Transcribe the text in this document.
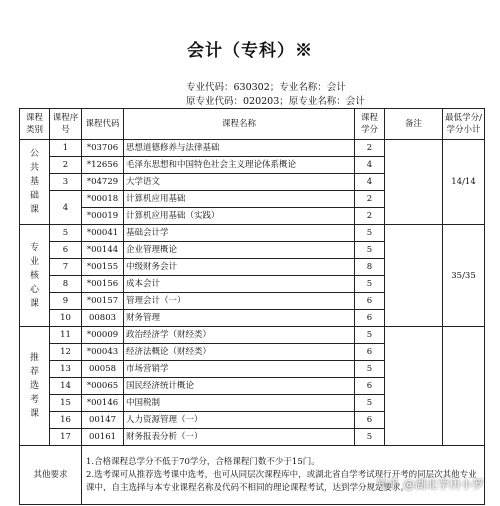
会计（专科）※
专业代码：630302；专业名称：会计
原专业代码：020203；原专业名称：会计
课程类别	课程序号	课程代码	课程名称	课程学分	备注	最低学分/学分小计

公共基础课	1	*03706	思想道德修养与法律基础	2		14/14
	2	*12656	毛泽东思想和中国特色社会主义理论体系概论	4		
	3	*04729	大学语文	4		
	4	*00018	计算机应用基础	2		
		*00019	计算机应用基础（实践）	2		

专业核心课	5	*00041	基础会计学	5		35/35
	6	*00144	企业管理概论	5		
	7	*00155	中级财务会计	8		
	8	*00156	成本会计	5		
	9	*00157	管理会计（一）	6		
	10	00803	财务管理	6		

推荐选考课	11	*00009	政治经济学（财经类）	5		
	12	*00043	经济法概论（财经类）	6		
	13	00058	市场营销学	5		
	14	*00065	国民经济统计概论	6		
	15	*00146	中国税制	5		
	16	00147	人力资源管理（一）	6		
	17	00161	财务报表分析（一）	5		
其他要求		1.合格课程总学分不低于70学分，合格课程门数不少于15门。
2.选考课可从推荐选考课中选考，也可从同层次课程库中，或湖北省自学考试现行开考的同层次其他专业课中，自主选择与本专业课程名称及代码不相同的理论课程考试，达到学分规定要求。				
知乎 @湖北学历小罗
